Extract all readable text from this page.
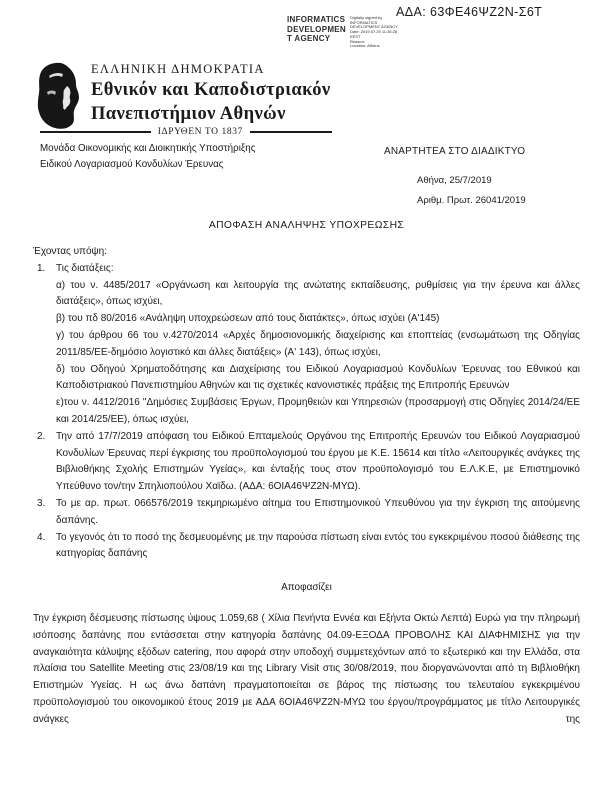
ΑΔΑ: 63ΦΕ46ΨΖ2Ν-Σ6Τ
INFORMATICS
DEVELOPMEN
T AGENCY
Digitally signed by
INFORMATICS
DEVELOPMENT AGENCY
Date: 2019.07.25 11:26:28
EEST
Reason:
Location: Athens
ΕΛΛΗΝΙΚΗ ΔΗΜΟΚΡΑΤΙΑ
Εθνικόν και Καποδιστριακόν
Πανεπιστήμιον Αθηνών
ΙΔΡΥΘΕΝ ΤΟ 1837
Μονάδα Οικονομικής και Διοικητικής Υποστήριξης
Ειδικού Λογαριασμού Κονδυλίων Έρευνας
ΑΝΑΡΤΗΤΕΑ ΣΤΟ ΔΙΑΔΙΚΤΥΟ
Αθήνα, 25/7/2019
Αριθμ. Πρωτ. 26041/2019
ΑΠΟΦΑΣΗ ΑΝΑΛΗΨΗΣ ΥΠΟΧΡΕΩΣΗΣ
Έχοντας υπόψη:
1.	Τις διατάξεις:
α) του ν. 4485/2017 «Οργάνωση και λειτουργία της ανώτατης εκπαίδευσης, ρυθμίσεις για την έρευνα και άλλες διατάξεις», όπως ισχύει,
β) του πδ 80/2016 «Ανάληψη υποχρεώσεων από τους διατάκτες», όπως ισχύει (Α'145)
γ) του άρθρου 66 του ν.4270/2014 «Αρχές δημοσιονομικής διαχείρισης και εποπτείας (ενσωμάτωση της Οδηγίας 2011/85/ΕΕ-δημόσιο λογιστικό και άλλες διατάξεις» (Α' 143), όπως ισχύει,
δ) του Οδηγού Χρηματοδότησης και Διαχείρισης του Ειδικού Λογαριασμού Κονδυλίων Έρευνας του Εθνικού και Καποδιστριακού Πανεπιστημίου Αθηνών και τις σχετικές κανονιστικές πράξεις της Επιτροπής Ερευνών
ε)του ν. 4412/2016 "Δημόσιες Συμβάσεις Έργων, Προμηθειών και Υπηρεσιών (προσαρμογή στις Οδηγίες 2014/24/ΕΕ και 2014/25/ΕΕ), όπως ισχύει,
2.	Την από 17/7/2019 απόφαση του Ειδικού Επταμελούς Οργάνου της Επιτροπής Ερευνών του Ειδικού Λογαριασμού Κονδυλίων Έρευνας περί έγκρισης του προϋπολογισμού του έργου με Κ.Ε. 15614 και τίτλο «Λειτουργικές ανάγκες της Βιβλιοθήκης Σχολής Επιστημών Υγείας», και ένταξής τους στον προϋπολογισμό του Ε.Λ.Κ.Ε, με Επιστημονικό Υπεύθυνο τον/την Σπηλιοπούλου Χαϊδω. (ΑΔΑ: 6ΟΙΑ46ΨΖ2Ν-ΜΥΩ).
3.	Το με αρ. πρωτ. 066576/2019 τεκμηριωμένο αίτημα του Επιστημονικού Υπευθύνου για την έγκριση της αιτούμενης δαπάνης.
4.	Το γεγονός ότι το ποσό της δεσμευομένης με την παρούσα πίστωση είναι εντός του εγκεκριμένου ποσού διάθεσης της κατηγορίας δαπάνης
Αποφασίζει
Την έγκριση δέσμευσης πίστωσης ύψους 1.059,68 ( Χίλια Πενήντα Εννέα και Εξήντα Οκτώ Λεπτά) Ευρώ για την πληρωμή ισόποσης δαπάνης που εντάσσεται στην κατηγορία δαπάνης 04.09-ΕΞΟΔΑ ΠΡΟΒΟΛΗΣ ΚΑΙ ΔΙΑΦΗΜΙΣΗΣ για την αναγκαιότητα κάλυψης εξόδων catering, που αφορά στην υποδοχή συμμετεχόντων από το εξωτερικό και την Ελλάδα, στα πλαίσια του Satellite Meeting στις 23/08/19 και της Library Visit στις 30/08/2019, που διοργανώνονται από τη Βιβλιοθήκη Επιστημών Υγείας. Η ως άνω δαπάνη πραγματοποιείται σε βάρος της πίστωσης του τελευταίου εγκεκριμένου προϋπολογισμού του οικονομικού έτους 2019 με ΑΔΑ 6ΟΙΑ46ΨΖ2Ν-ΜΥΩ του έργου/προγράμματος με τίτλο Λειτουργικές ανάγκες της
